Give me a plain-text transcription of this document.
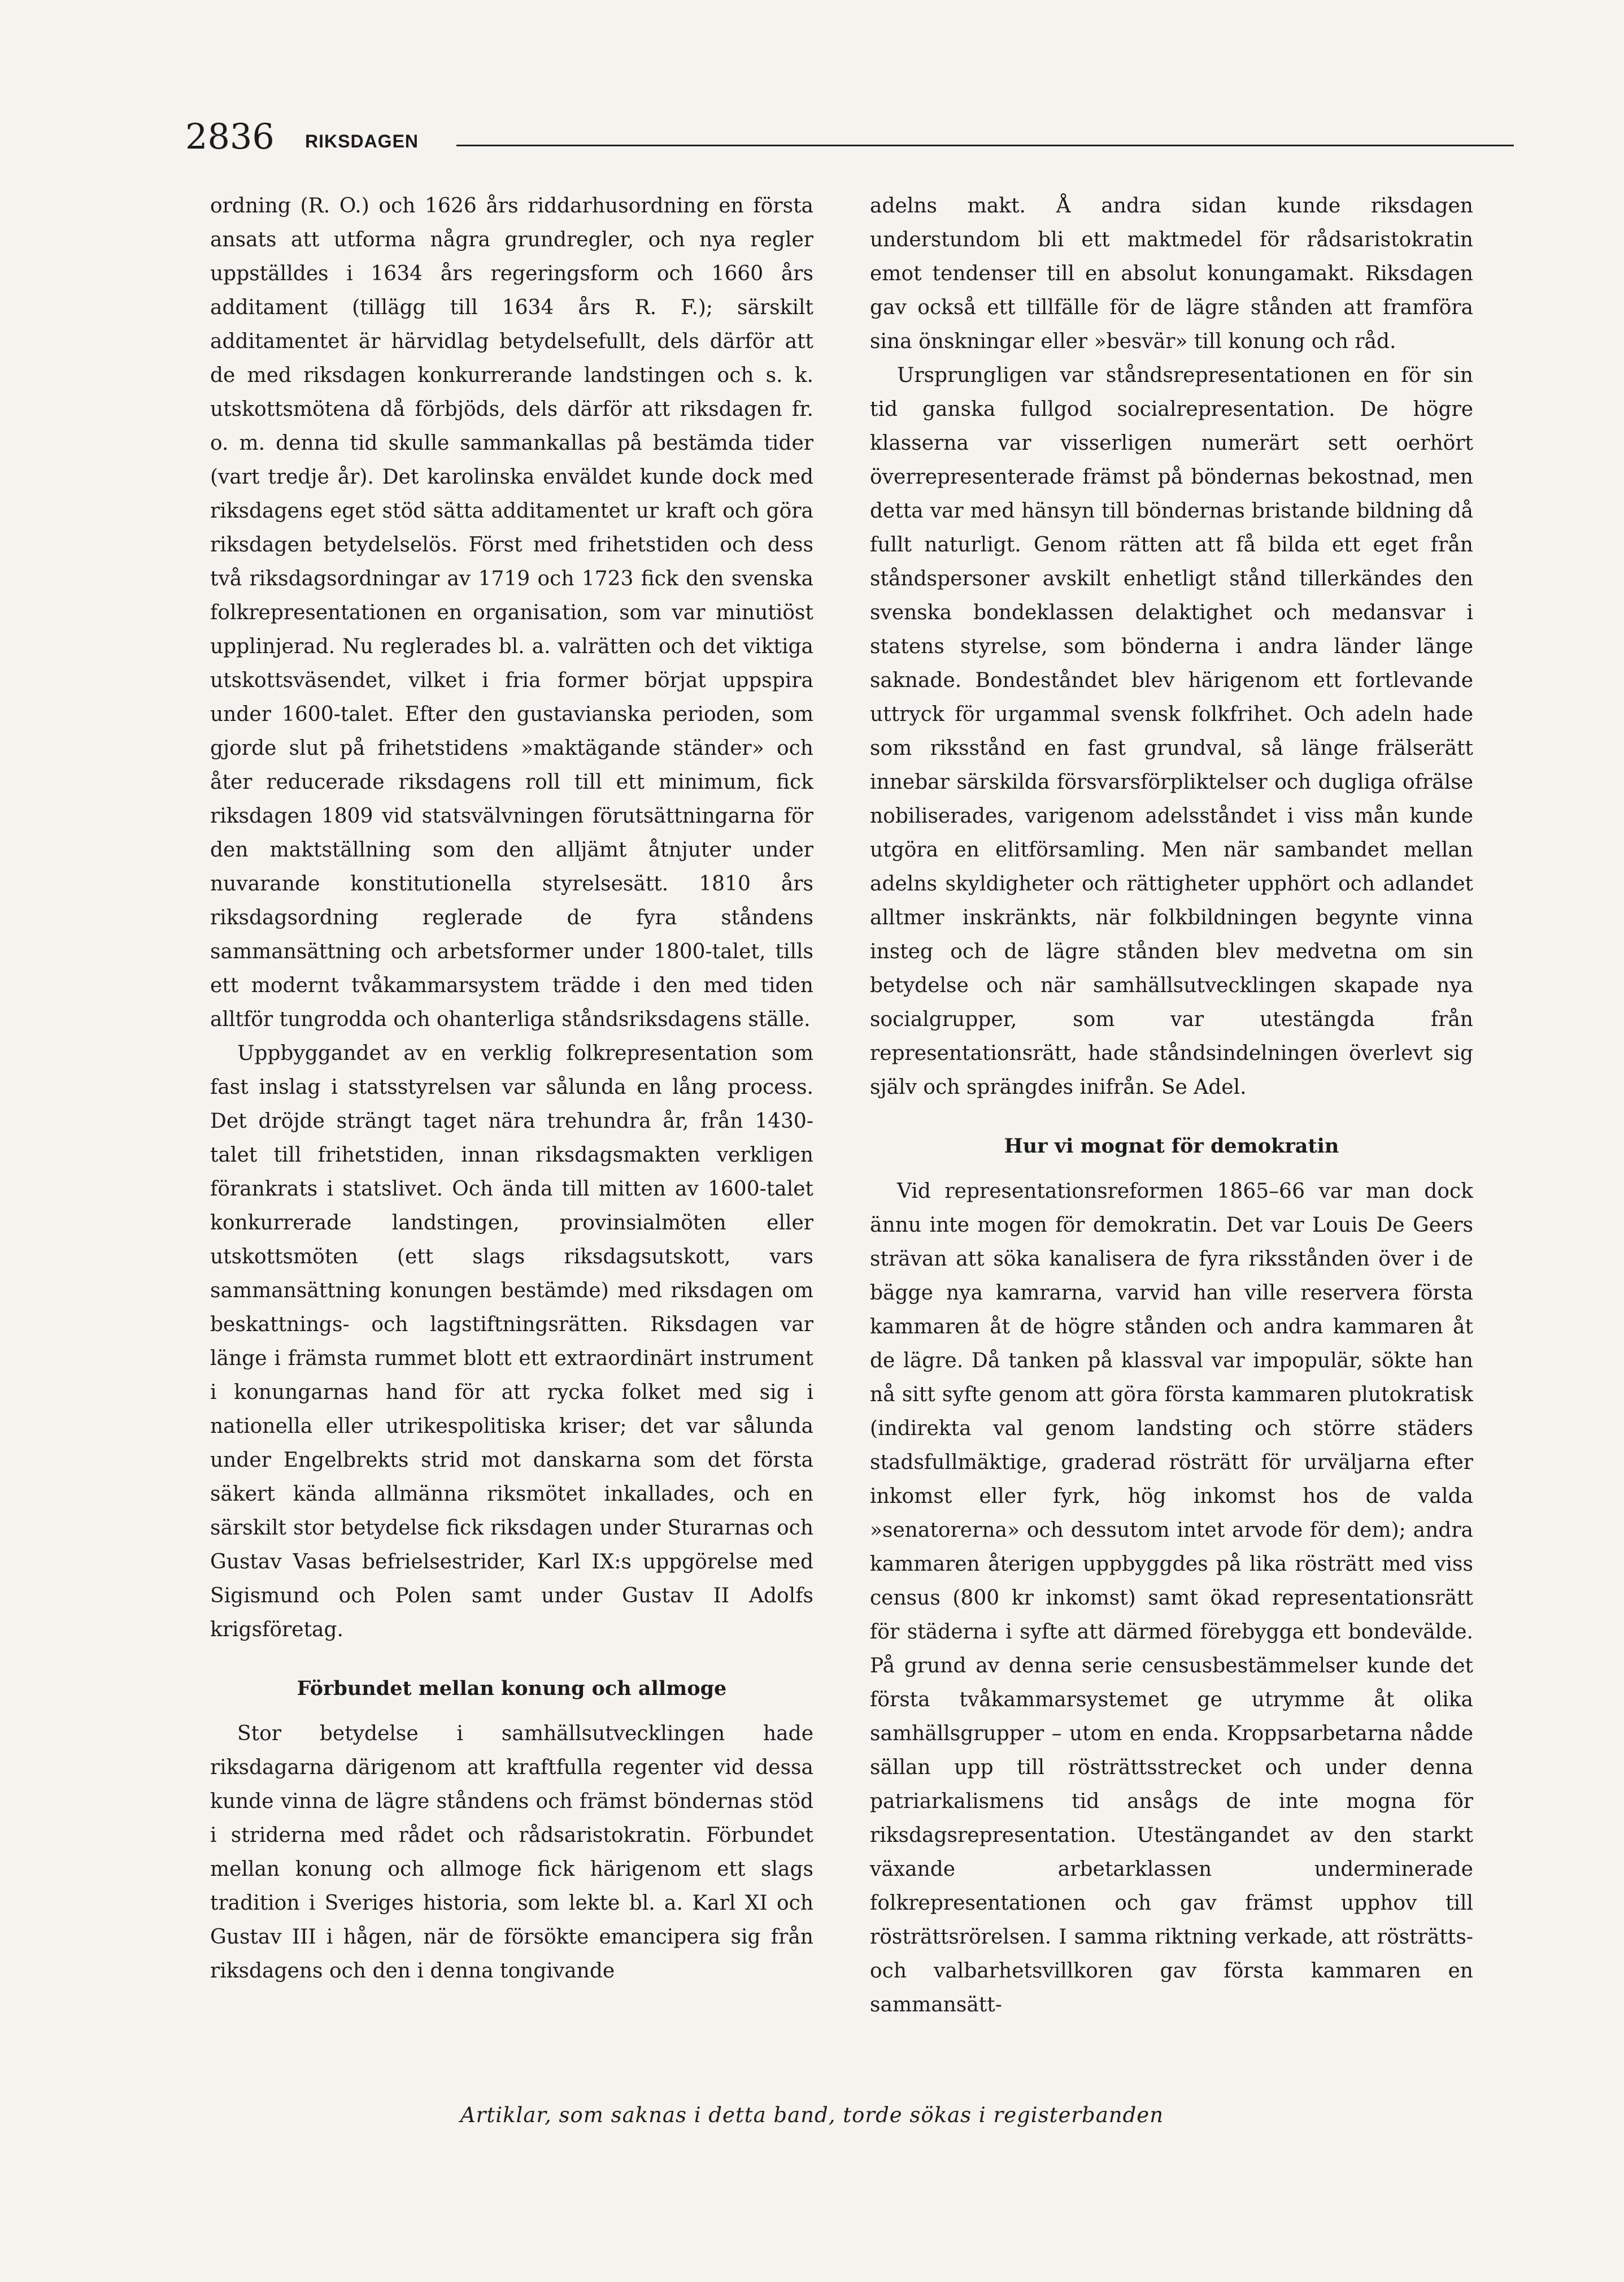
2836 RIKSDAGEN

ordning (R. O.) och 1626 års riddarhusordning en första ansats att utforma några grundregler, och nya regler uppställdes i 1634 års regeringsform och 1660 års additament (tillägg till 1634 års R. F.); särskilt additamentet är härvidlag betydelsefullt, dels därför att de med riksdagen konkurrerande landstingen och s. k. utskottsmötena då förbjöds, dels därför att riksdagen fr. o. m. denna tid skulle sammankallas på bestämda tider (vart tredje år). Det karolinska enväldet kunde dock med riksdagens eget stöd sätta additamentet ur kraft och göra riksdagen betydelselös. Först med frihetstiden och dess två riksdagsordningar av 1719 och 1723 fick den svenska folkrepresentationen en organisation, som var minutiöst upplinjerad. Nu reglerades bl. a. valrätten och det viktiga utskottsväsendet, vilket i fria former börjat uppspira under 1600-talet. Efter den gustavianska perioden, som gjorde slut på frihetstidens »maktägande ständer» och åter reducerade riksdagens roll till ett minimum, fick riksdagen 1809 vid statsvälvningen förutsättningarna för den maktställning som den alljämt åtnjuter under nuvarande konstitutionella styrelsesätt. 1810 års riksdagsordning reglerade de fyra ståndens sammansättning och arbetsformer under 1800-talet, tills ett modernt tvåkammarsystem trädde i den med tiden alltför tungrodda och ohanterliga ståndsriksdagens ställe.

Uppbyggandet av en verklig folkrepresentation som fast inslag i statsstyrelsen var sålunda en lång process. Det dröjde strängt taget nära trehundra år, från 1430-talet till frihetstiden, innan riksdagsmakten verkligen förankrats i statslivet. Och ända till mitten av 1600-talet konkurrerade landstingen, provinsialmöten eller utskottsmöten (ett slags riksdagsutskott, vars sammansättning konungen bestämde) med riksdagen om beskattnings- och lagstiftningsrätten. Riksdagen var länge i främsta rummet blott ett extraordinärt instrument i konungarnas hand för att rycka folket med sig i nationella eller utrikespolitiska kriser; det var sålunda under Engelbrekts strid mot danskarna som det första säkert kända allmänna riksmötet inkallades, och en särskilt stor betydelse fick riksdagen under Sturarnas och Gustav Vasas befrielsestrider, Karl IX:s uppgörelse med Sigismund och Polen samt under Gustav II Adolfs krigsföretag.

Förbundet mellan konung och allmoge

Stor betydelse i samhällsutvecklingen hade riksdagarna därigenom att kraftfulla regenter vid dessa kunde vinna de lägre ståndens och främst böndernas stöd i striderna med rådet och rådsaristokratin. Förbundet mellan konung och allmoge fick härigenom ett slags tradition i Sveriges historia, som lekte bl. a. Karl XI och Gustav III i hågen, när de försökte emancipera sig från riksdagens och den i denna tongivande

adelns makt. Å andra sidan kunde riksdagen understundom bli ett maktmedel för rådsaristokratin emot tendenser till en absolut konungamakt. Riksdagen gav också ett tillfälle för de lägre stånden att framföra sina önskningar eller »besvär» till konung och råd.

Ursprungligen var ståndsrepresentationen en för sin tid ganska fullgod socialrepresentation. De högre klasserna var visserligen numerärt sett oerhört överrepresenterade främst på böndernas bekostnad, men detta var med hänsyn till böndernas bristande bildning då fullt naturligt. Genom rätten att få bilda ett eget från ståndspersoner avskilt enhetligt stånd tillerkändes den svenska bondeklassen delaktighet och medansvar i statens styrelse, som bönderna i andra länder länge saknade. Bondeståndet blev härigenom ett fortlevande uttryck för urgammal svensk folkfrihet. Och adeln hade som riksstånd en fast grundval, så länge frälserätt innebar särskilda försvarsförpliktelser och dugliga ofrälse nobiliserades, varigenom adelsståndet i viss mån kunde utgöra en elitförsamling. Men när sambandet mellan adelns skyldigheter och rättigheter upphört och adlandet alltmer inskränkts, när folkbildningen begynte vinna insteg och de lägre stånden blev medvetna om sin betydelse och när samhällsutvecklingen skapade nya socialgrupper, som var utestängda från representationsrätt, hade ståndsindelningen överlevt sig själv och sprängdes inifrån. Se Adel.

Hur vi mognat för demokratin

Vid representationsreformen 1865–66 var man dock ännu inte mogen för demokratin. Det var Louis De Geers strävan att söka kanalisera de fyra riksstånden över i de bägge nya kamrarna, varvid han ville reservera första kammaren åt de högre stånden och andra kammaren åt de lägre. Då tanken på klassval var impopulär, sökte han nå sitt syfte genom att göra första kammaren plutokratisk (indirekta val genom landsting och större städers stadsfullmäktige, graderad rösträtt för urväljarna efter inkomst eller fyrk, hög inkomst hos de valda »senatorerna» och dessutom intet arvode för dem); andra kammaren återigen uppbyggdes på lika rösträtt med viss census (800 kr inkomst) samt ökad representationsrätt för städerna i syfte att därmed förebygga ett bondevälde. På grund av denna serie censusbestämmelser kunde det första tvåkammarsystemet ge utrymme åt olika samhällsgrupper – utom en enda. Kroppsarbetarna nådde sällan upp till rösträttsstrecket och under denna patriarkalismens tid ansågs de inte mogna för riksdagsrepresentation. Utestängandet av den starkt växande arbetarklassen underminerade folkrepresentationen och gav främst upphov till rösträttsrörelsen. I samma riktning verkade, att rösträtts- och valbarhetsvillkoren gav första kammaren en sammansätt-

Artiklar, som saknas i detta band, torde sökas i registerbanden
